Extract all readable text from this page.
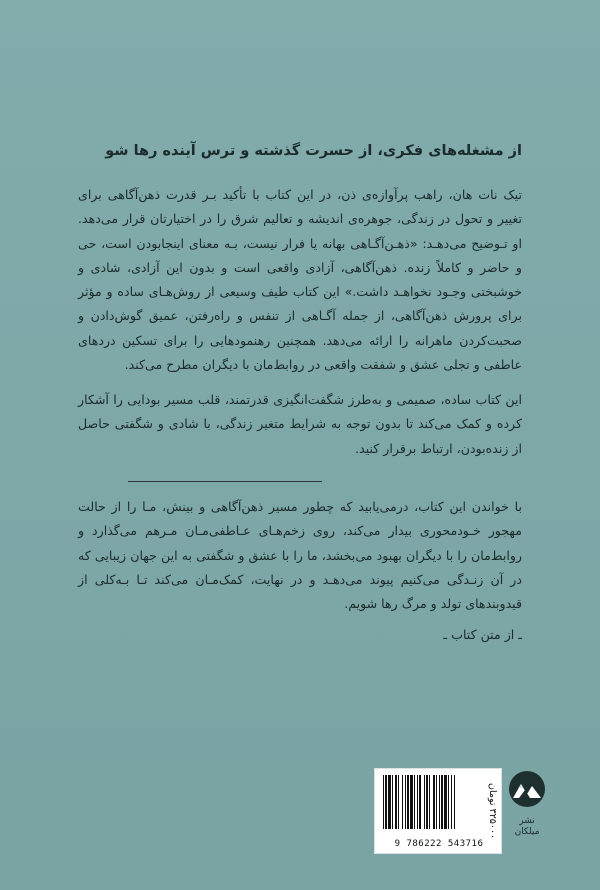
از مشغله‌های فکری، از حسرت گذشته و ترس آینده رها شو

تیک نات هان، راهب پرآوازه‌ی ذن، در این کتاب با تأکید بـر قدرت ذهن‌آگاهی برای تغییر و تحول در زندگی، جوهره‌ی اندیشه و تعالیم شرق را در اختیارتان قرار می‌دهد. او تـوضیح می‌دهـد: «ذهـن‌آگـاهی بهانه یا فرار نیست، بـه معنای اینجابودن است، حی و حاضر و کاملاً زنده. ذهن‌آگاهی، آزادی واقعی است و بدون این آزادی، شادی و خوشبختی وجـود نخواهـد داشت.» این کتاب طیف وسیعی از روش‌هـای ساده و مؤثر برای پرورش ذهن‌آگاهی، از جمله آگـاهی از تنفس و راه‌رفتن، عمیق گوش‌دادن و صحبت‌کردن ماهرانه را ارائه می‌دهد. همچنین رهنمودهایی را برای تسکین دردهای عاطفی و تجلی عشق و شفقت واقعی در روابط‌مان با دیگران مطرح می‌کند.

این کتاب ساده، صمیمی و به‌طرز شگفت‌انگیزی قدرتمند، قلب مسیر بودایی را آشکار کرده و کمک می‌کند تا بدون توجه به شرایط متغیر زندگی، با شادی و شگفتی حاصل از زنده‌بودن، ارتباط برقرار کنید.

با خواندن این کتاب، درمی‌یابید که چطور مسیر ذهن‌آگاهی و بینش، مـا را از حالت مهجور خـودمحوری بیدار می‌کند، روی زخم‌هـای عـاطفی‌مـان مـرهم می‌گذارد و روابط‌مان را با دیگران بهبود می‌بخشد، ما را با عشق و شگفتی به این جهان زیبایی که در آن زنـدگی می‌کنیم پیوند می‌دهـد و در نهایت، کمک‌مـان می‌کند تـا بـه‌کلی از قیدوبندهای تولد و مرگ رها شویم.

ـ از متن کتاب ـ

9 786222 543716
۳۲۵۰۰۰ تومان	نشر میلکان
